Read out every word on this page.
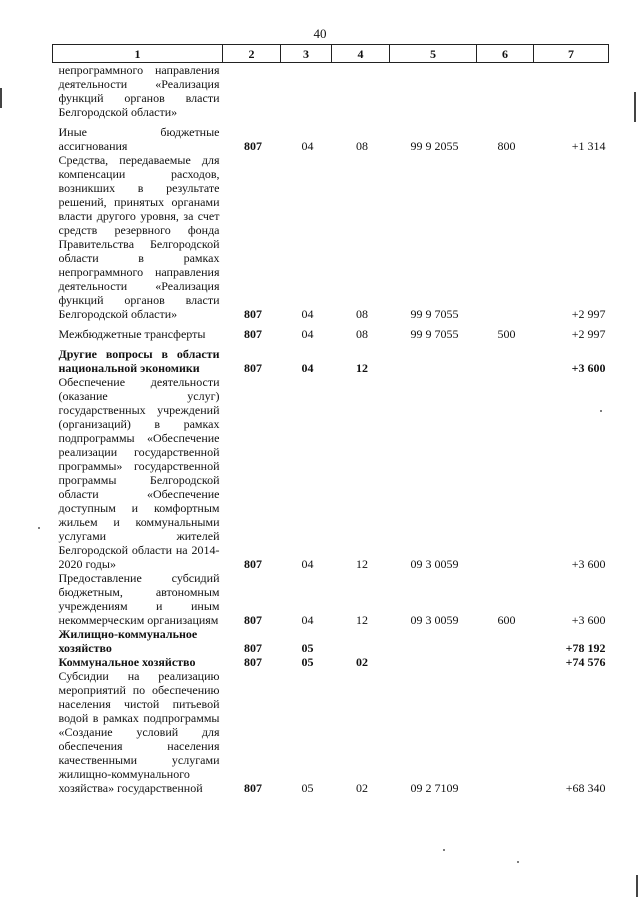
40
1	2	3	4	5	6	7
непрограммного направления деятельности «Реализация функций органов власти Белгородской области»						

Иные бюджетные ассигнования	807	04	08	99 9 2055	800	+1 314
Средства, передаваемые для компенсации расходов, возникших в результате решений, принятых органами власти другого уровня, за счет средств резервного фонда Правительства Белгородской области в рамках непрограммного направления деятельности «Реализация функций органов власти Белгородской области»	807	04	08	99 9 7055		+2 997

Межбюджетные трансферты	807	04	08	99 9 7055	500	+2 997

Другие вопросы в области национальной экономики	807	04	12			+3 600
Обеспечение деятельности (оказание услуг) государственных учреждений (организаций) в рамках подпрограммы «Обеспечение реализации государственной программы» государственной программы Белгородской области «Обеспечение доступным и комфортным жильем и коммунальными услугами жителей Белгородской области на 2014-2020 годы»	807	04	12	09 3 0059		+3 600
Предоставление субсидий бюджетным, автономным учреждениям и иным некоммерческим организациям	807	04	12	09 3 0059	600	+3 600
Жилищно-коммунальное хозяйство	807	05				+78 192
Коммунальное хозяйство	807	05	02			+74 576
Субсидии на реализацию мероприятий по обеспечению населения чистой питьевой водой в рамках подпрограммы «Создание условий для обеспечения населения качественными услугами жилищно-коммунального хозяйства» государственной	807	05	02	09 2 7109		+68 340
